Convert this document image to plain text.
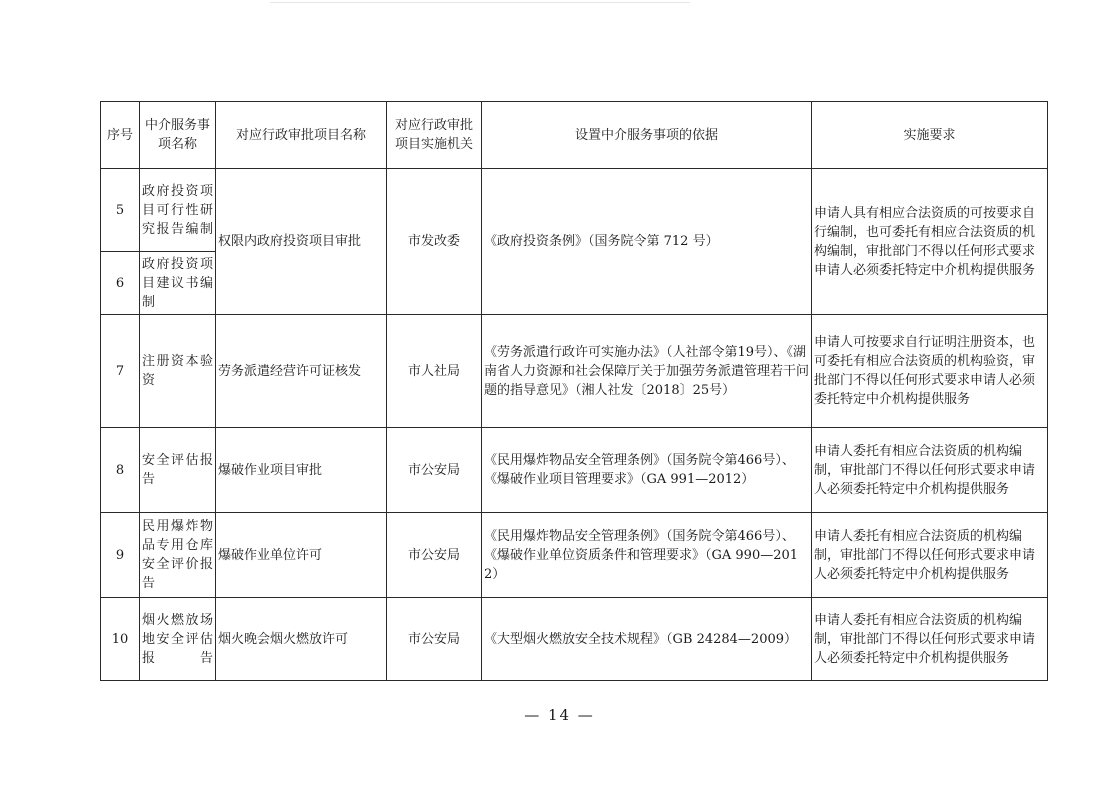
序号	中介服务事项名称	对应行政审批项目名称	对应行政审批项目实施机关	设置中介服务事项的依据	实施要求
5	政府投资项目可行性研究报告编制	权限内政府投资项目审批	市发改委	《政府投资条例》（国务院令第 712 号）	申请人具有相应合法资质的可按要求自行编制，也可委托有相应合法资质的机构编制，审批部门不得以任何形式要求申请人必须委托特定中介机构提供服务
6	政府投资项目建议书编制				
7	注册资本验资	劳务派遣经营许可证核发	市人社局	《劳务派遣行政许可实施办法》（人社部令第19号）、《湖南省人力资源和社会保障厅关于加强劳务派遣管理若干问题的指导意见》（湘人社发〔2018〕25号）	申请人可按要求自行证明注册资本，也可委托有相应合法资质的机构验资，审批部门不得以任何形式要求申请人必须委托特定中介机构提供服务
8	安全评估报告	爆破作业项目审批	市公安局	《民用爆炸物品安全管理条例》（国务院令第466号）、《爆破作业项目管理要求》（GA 991—2012）	申请人委托有相应合法资质的机构编制，审批部门不得以任何形式要求申请人必须委托特定中介机构提供服务
9	民用爆炸物品专用仓库安全评价报告	爆破作业单位许可	市公安局	《民用爆炸物品安全管理条例》（国务院令第466号）、《爆破作业单位资质条件和管理要求》（GA 990—2012）	申请人委托有相应合法资质的机构编制，审批部门不得以任何形式要求申请人必须委托特定中介机构提供服务
10	烟火燃放场地安全评估报告	烟火晚会烟火燃放许可	市公安局	《大型烟火燃放安全技术规程》（GB 24284—2009）	申请人委托有相应合法资质的机构编制，审批部门不得以任何形式要求申请人必须委托特定中介机构提供服务
— 14 —
